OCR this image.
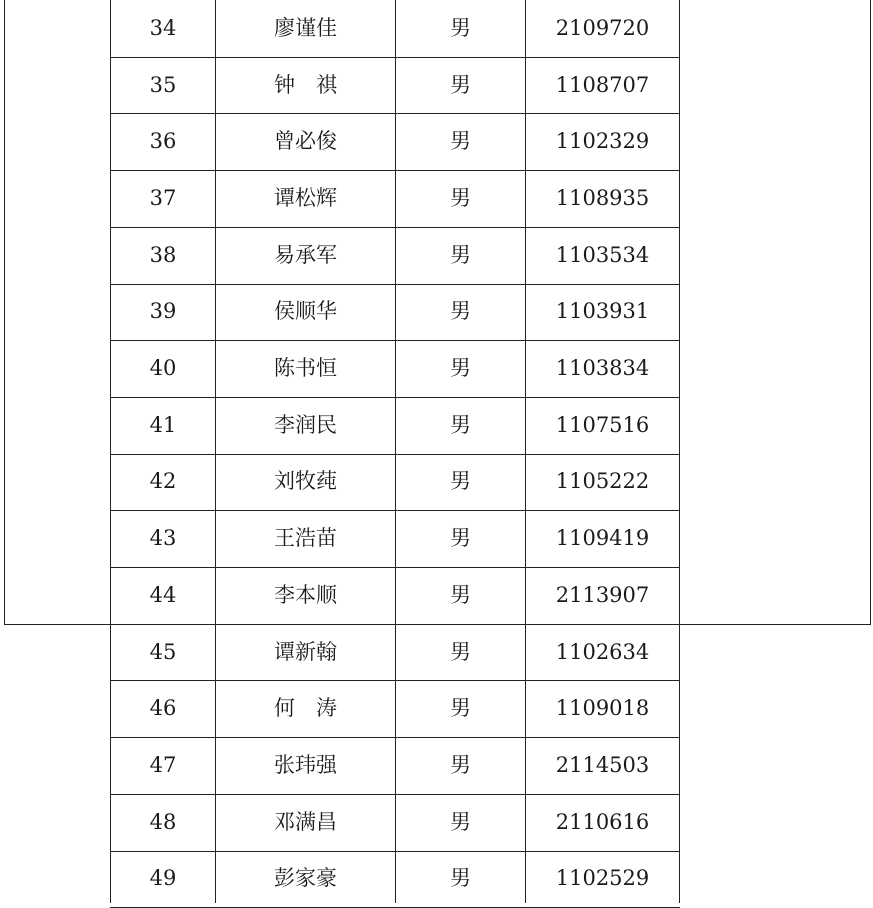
34	廖谨佳	男	2109720
35	钟　祺	男	1108707
36	曾必俊	男	1102329
37	谭松辉	男	1108935
38	易承军	男	1103534
39	侯顺华	男	1103931
40	陈书恒	男	1103834
41	李润民	男	1107516
42	刘牧莼	男	1105222
43	王浩苗	男	1109419
44	李本顺	男	2113907
45	谭新翰	男	1102634
46	何　涛	男	1109018
47	张玮强	男	2114503
48	邓满昌	男	2110616
49	彭家豪	男	1102529
